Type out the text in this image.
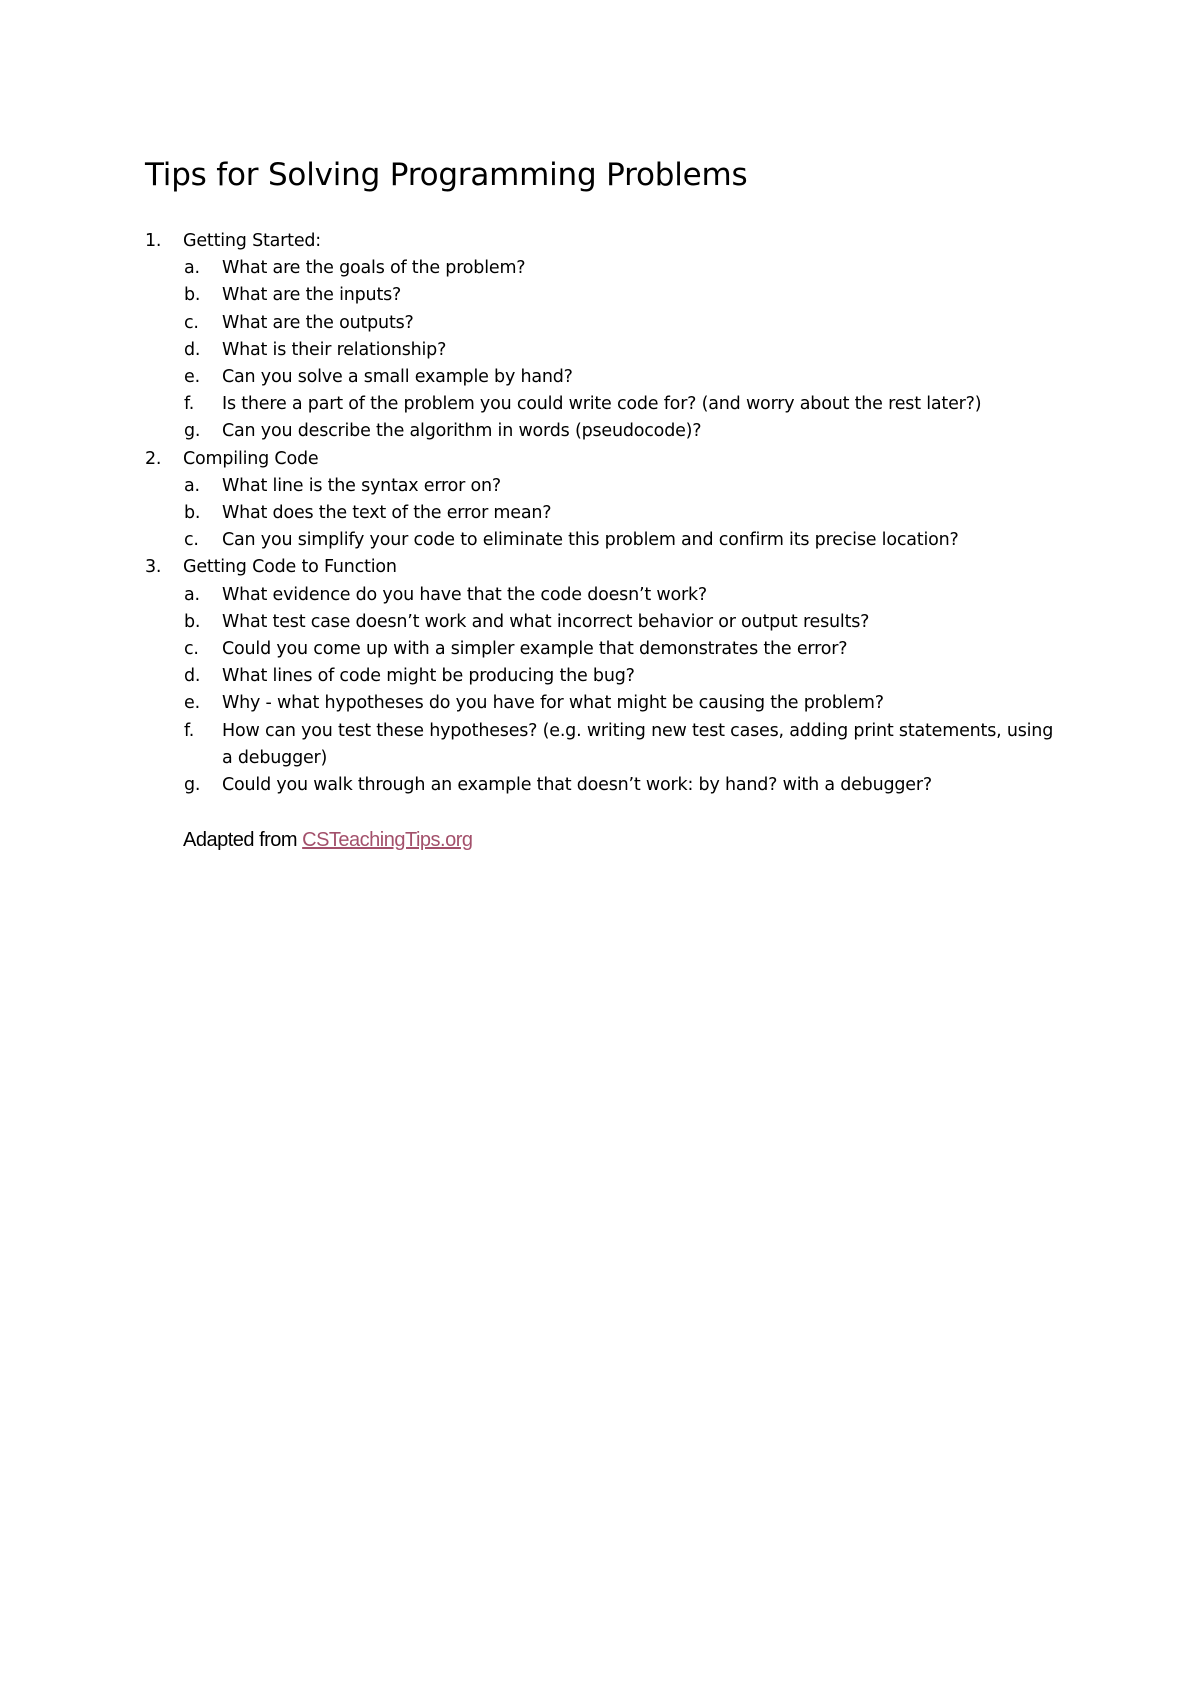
Tips for Solving Programming Problems
1.	Getting Started:
a. What are the goals of the problem?
b. What are the inputs?
c. What are the outputs?
d. What is their relationship?
e. Can you solve a small example by hand?
f. Is there a part of the problem you could write code for? (and worry about the rest later?)
g. Can you describe the algorithm in words (pseudocode)?
2.	Compiling Code
a. What line is the syntax error on?
b. What does the text of the error mean?
c. Can you simplify your code to eliminate this problem and confirm its precise location?
3.	Getting Code to Function
a. What evidence do you have that the code doesn’t work?
b. What test case doesn’t work and what incorrect behavior or output results?
c. Could you come up with a simpler example that demonstrates the error?
d. What lines of code might be producing the bug?
e. Why - what hypotheses do you have for what might be causing the problem?
f. How can you test these hypotheses? (e.g. writing new test cases, adding print statements, using a debugger)
g. Could you walk through an example that doesn’t work: by hand? with a debugger?
Adapted from CSTeachingTips.org
